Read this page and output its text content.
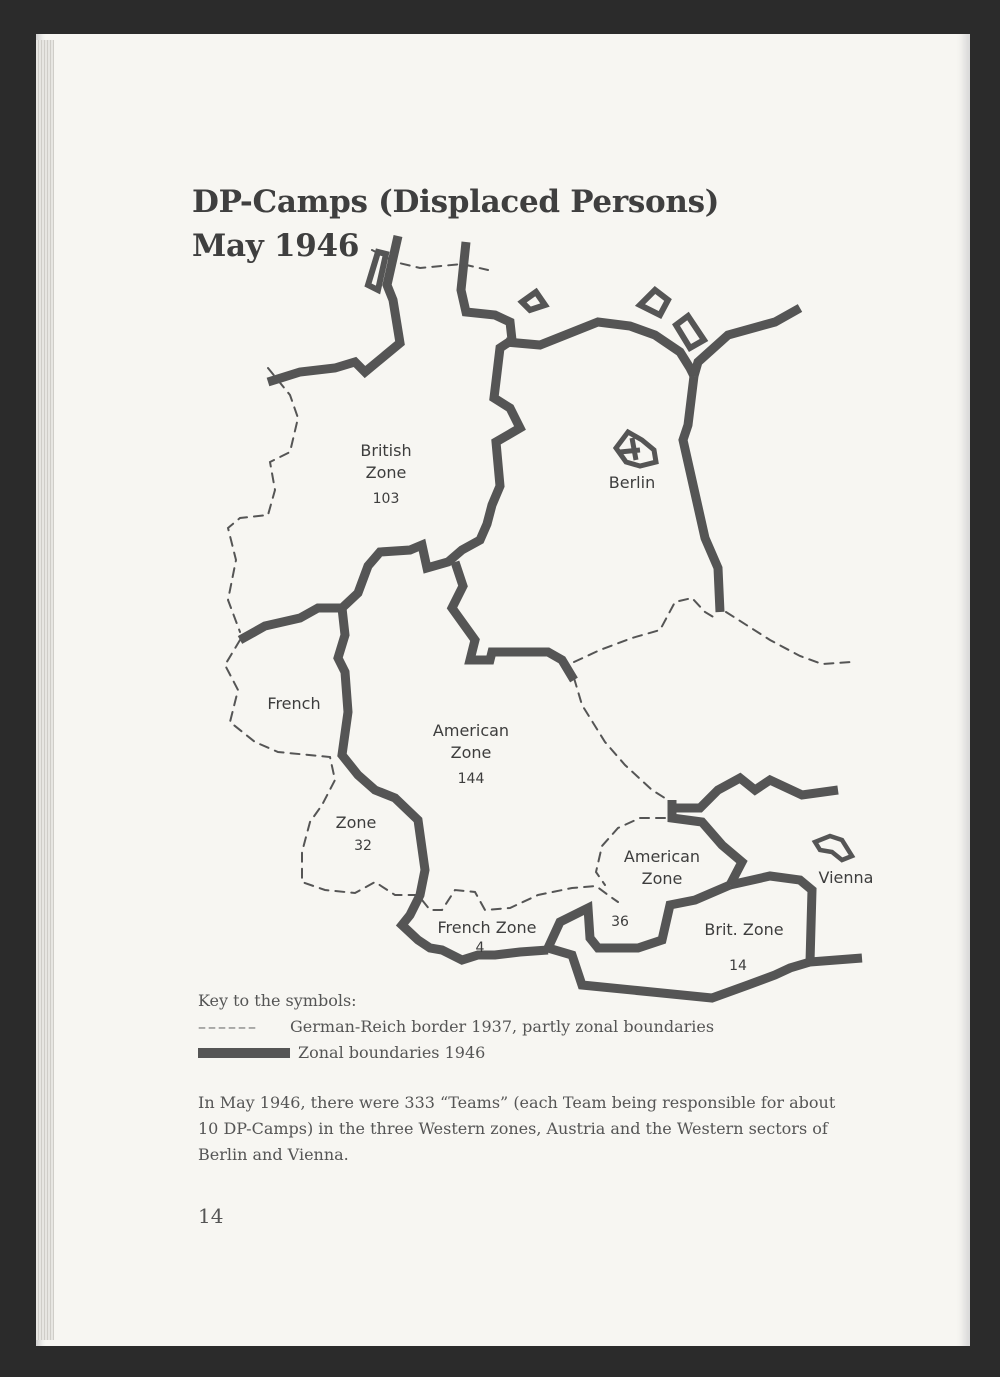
DP-Camps (Displaced Persons)
May 1946
British
Zone
103
Berlin
French
Zone
32
American
Zone
144
French Zone
4
American
Zone
36	Brit. Zone
14
Vienna
Key to the symbols:
––––––	German-Reich border 1937, partly zonal boundaries
Zonal boundaries 1946
In May 1946, there were 333 “Teams” (each Team being responsible for about 10 DP-Camps) in the three Western zones, Austria and the Western sectors of Berlin and Vienna.
14
